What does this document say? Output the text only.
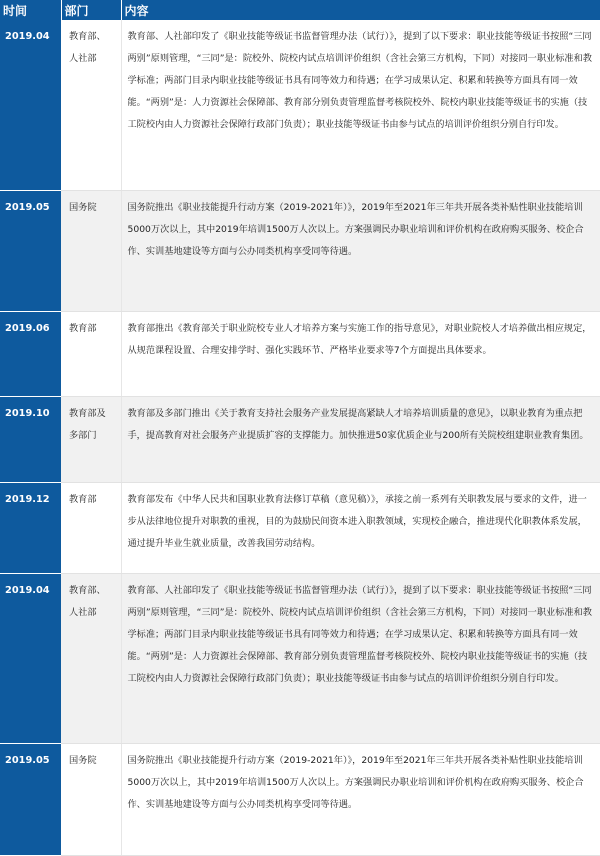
时间	部门	内容
2019.04	教育部、人社部	教育部、人社部印发了《职业技能等级证书监督管理办法（试行）》，提到了以下要求：职业技能等级证书按照“三同两别”原则管理，“三同”是：院校外、院校内试点培训评价组织（含社会第三方机构，下同）对接同一职业标准和教学标准；两部门目录内职业技能等级证书具有同等效力和待遇；在学习成果认定、积累和转换等方面具有同一效能。“两别”是：人力资源社会保障部、教育部分别负责管理监督考核院校外、院校内职业技能等级证书的实施（技工院校内由人力资源社会保障行政部门负责）；职业技能等级证书由参与试点的培训评价组织分别自行印发。
2019.05	国务院	国务院推出《职业技能提升行动方案（2019-2021年）》，2019年至2021年三年共开展各类补贴性职业技能培训5000万次以上，其中2019年培训1500万人次以上。方案强调民办职业培训和评价机构在政府购买服务、校企合作、实训基地建设等方面与公办同类机构享受同等待遇。
2019.06	教育部	教育部推出《教育部关于职业院校专业人才培养方案与实施工作的指导意见》，对职业院校人才培养做出相应规定，从规范课程设置、合理安排学时、强化实践环节、严格毕业要求等7个方面提出具体要求。
2019.10	教育部及多部门	教育部及多部门推出《关于教育支持社会服务产业发展提高紧缺人才培养培训质量的意见》，以职业教育为重点把手，提高教育对社会服务产业提质扩容的支撑能力。加快推进50家优质企业与200所有关院校组建职业教育集团。
2019.12	教育部	教育部发布《中华人民共和国职业教育法修订草稿（意见稿）》，承接之前一系列有关职教发展与要求的文件，进一步从法律地位提升对职教的重视，目的为鼓励民间资本进入职教领域，实现校企融合，推进现代化职教体系发展，通过提升毕业生就业质量，改善我国劳动结构。
2019.04	教育部、人社部	教育部、人社部印发了《职业技能等级证书监督管理办法（试行）》，提到了以下要求：职业技能等级证书按照“三同两别”原则管理，“三同”是：院校外、院校内试点培训评价组织（含社会第三方机构，下同）对接同一职业标准和教学标准；两部门目录内职业技能等级证书具有同等效力和待遇；在学习成果认定、积累和转换等方面具有同一效能。“两别”是：人力资源社会保障部、教育部分别负责管理监督考核院校外、院校内职业技能等级证书的实施（技工院校内由人力资源社会保障行政部门负责）；职业技能等级证书由参与试点的培训评价组织分别自行印发。
2019.05	国务院	国务院推出《职业技能提升行动方案（2019-2021年）》，2019年至2021年三年共开展各类补贴性职业技能培训5000万次以上，其中2019年培训1500万人次以上。方案强调民办职业培训和评价机构在政府购买服务、校企合作、实训基地建设等方面与公办同类机构享受同等待遇。
